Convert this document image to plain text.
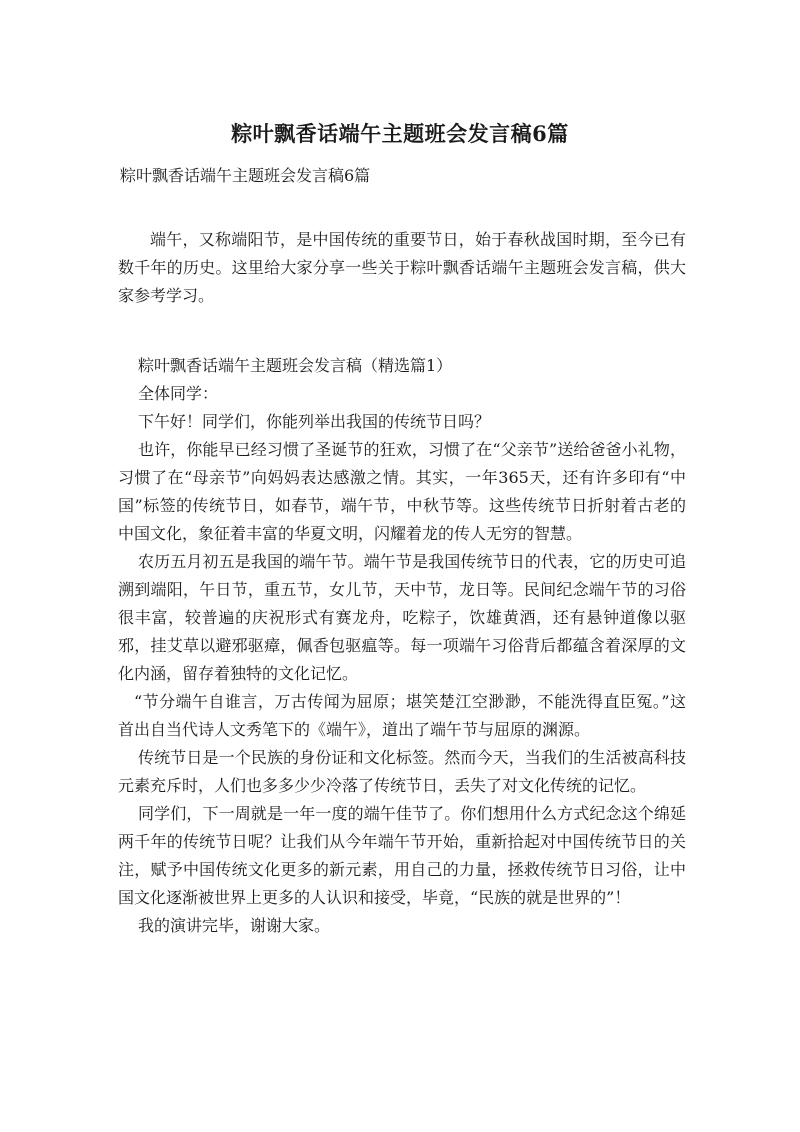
粽叶飘香话端午主题班会发言稿6篇
粽叶飘香话端午主题班会发言稿6篇

端午，又称端阳节，是中国传统的重要节日，始于春秋战国时期，至今已有数千年的历史。这里给大家分享一些关于粽叶飘香话端午主题班会发言稿，供大家参考学习。

粽叶飘香话端午主题班会发言稿（精选篇1）

全体同学：

下午好！同学们，你能列举出我国的传统节日吗？

也许，你能早已经习惯了圣诞节的狂欢，习惯了在“父亲节”送给爸爸小礼物，习惯了在“母亲节”向妈妈表达感激之情。其实，一年365天，还有许多印有“中国”标签的传统节日，如春节，端午节，中秋节等。这些传统节日折射着古老的中国文化，象征着丰富的华夏文明，闪耀着龙的传人无穷的智慧。

农历五月初五是我国的端午节。端午节是我国传统节日的代表，它的历史可追溯到端阳，午日节，重五节，女儿节，天中节，龙日等。民间纪念端午节的习俗很丰富，较普遍的庆祝形式有赛龙舟，吃粽子，饮雄黄酒，还有悬钟道像以驱邪，挂艾草以避邪驱瘴，佩香包驱瘟等。每一项端午习俗背后都蕴含着深厚的文化内涵，留存着独特的文化记忆。

“节分端午自谁言，万古传闻为屈原；堪笑楚江空渺渺，不能洗得直臣冤。”这首出自当代诗人文秀笔下的《端午》，道出了端午节与屈原的渊源。

传统节日是一个民族的身份证和文化标签。然而今天，当我们的生活被高科技元素充斥时，人们也多多少少冷落了传统节日，丢失了对文化传统的记忆。

同学们，下一周就是一年一度的端午佳节了。你们想用什么方式纪念这个绵延两千年的传统节日呢？让我们从今年端午节开始，重新拾起对中国传统节日的关注，赋予中国传统文化更多的新元素，用自己的力量，拯救传统节日习俗，让中国文化逐渐被世界上更多的人认识和接受，毕竟，“民族的就是世界的”！

我的演讲完毕，谢谢大家。
